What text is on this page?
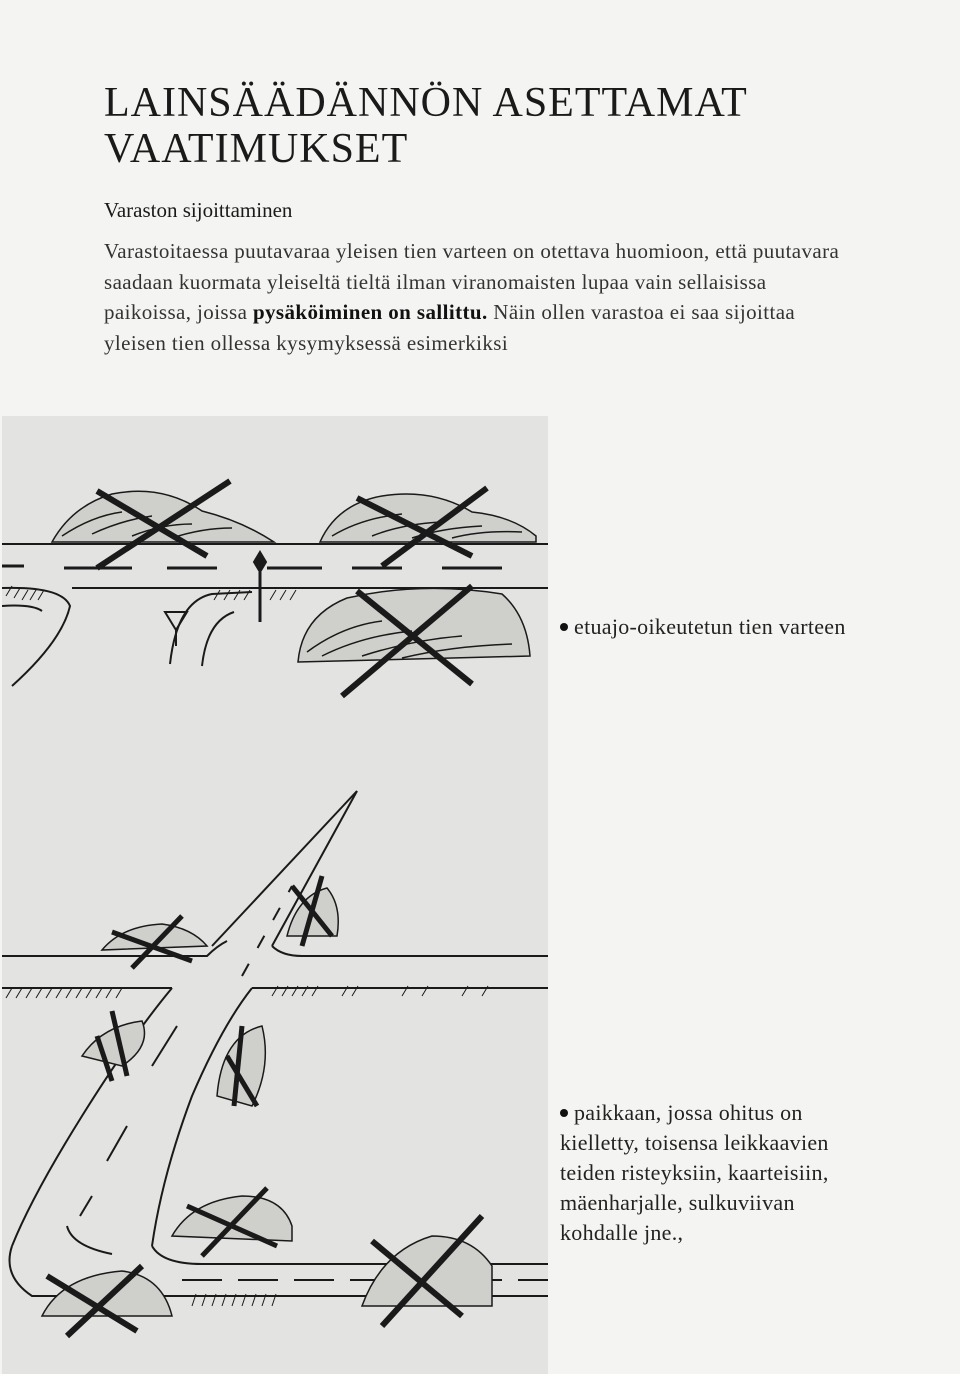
LAINSÄÄDÄNNÖN ASETTAMAT
VAATIMUKSET
Varaston sijoittaminen

Varastoitaessa puutavaraa yleisen tien varteen on otettava huomioon, että puutavara saadaan kuormata yleiseltä tieltä ilman viranomaisten lupaa vain sellaisissa paikoissa, joissa pysäköiminen on sallittu. Näin ollen varastoa ei saa sijoittaa yleisen tien ollessa kysymyksessä esimerkiksi

etuajo-oikeutetun tien varteen
paikkaan, jossa ohitus on kielletty, toisensa leikkaavien teiden risteyksiin, kaarteisiin, mäenharjalle, sulkuviivan kohdalle jne.,
